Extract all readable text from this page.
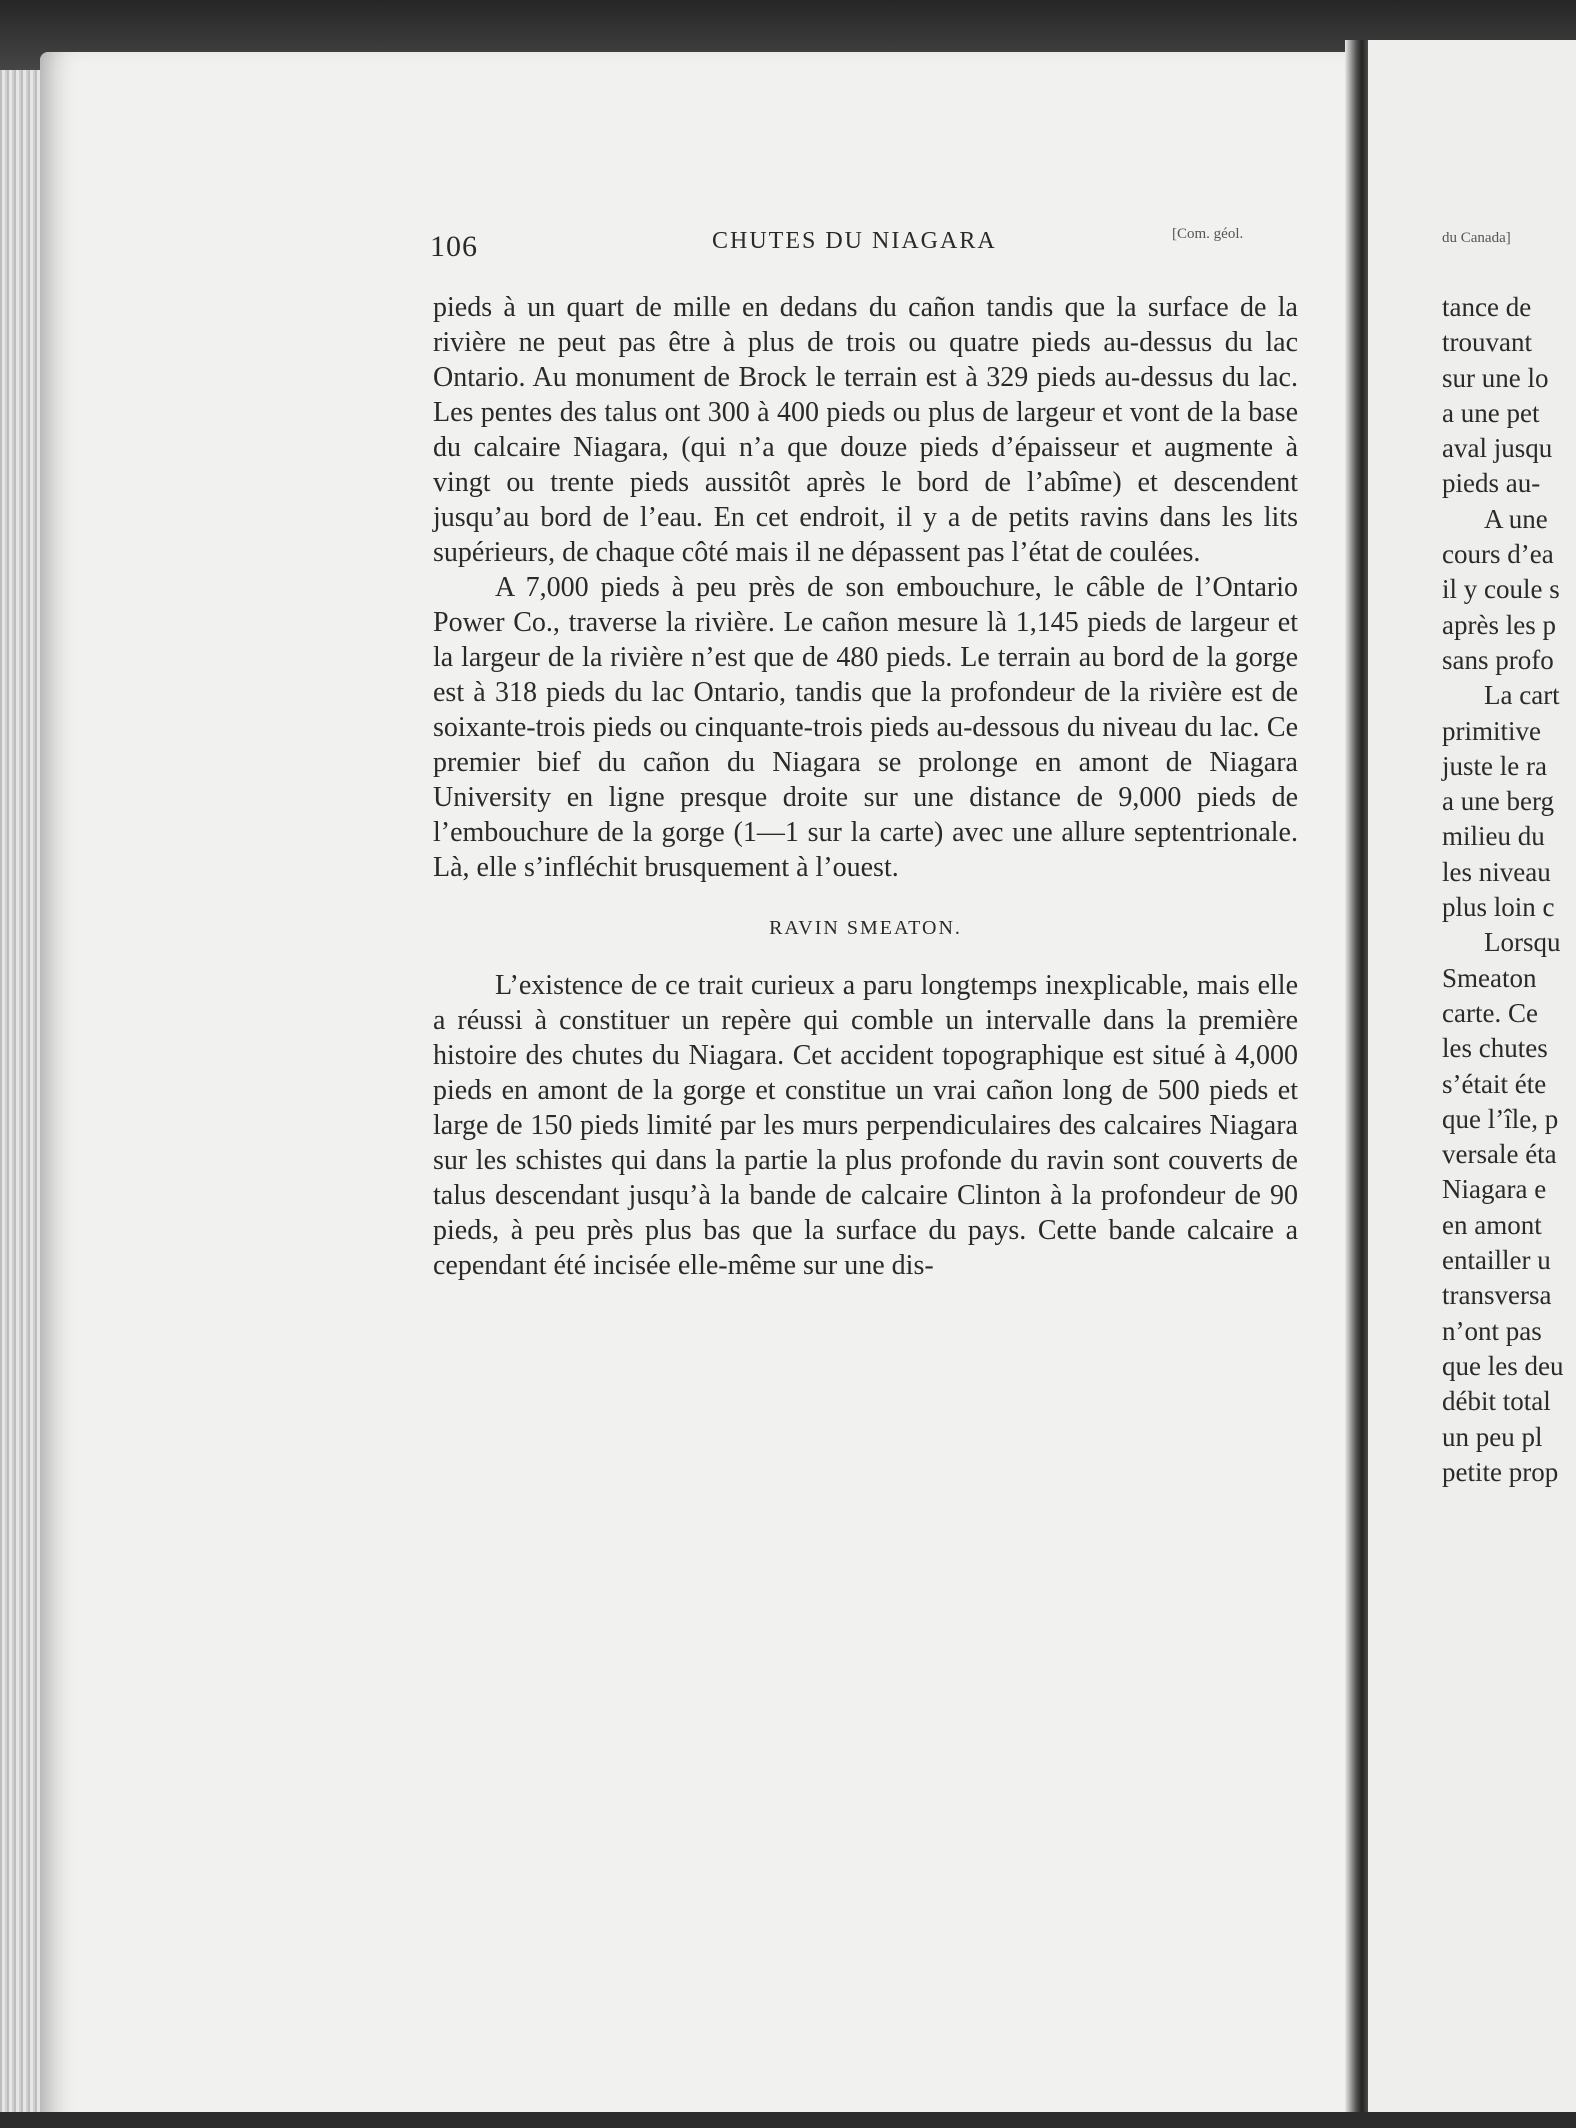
106	CHUTES DU NIAGARA	[Com. géol.

pieds à un quart de mille en dedans du cañon tandis que la surface de la rivière ne peut pas être à plus de trois ou quatre pieds au-dessus du lac Ontario. Au monument de Brock le terrain est à 329 pieds au-dessus du lac. Les pentes des talus ont 300 à 400 pieds ou plus de largeur et vont de la base du calcaire Niagara, (qui n’a que douze pieds d’épaisseur et augmente à vingt ou trente pieds aussitôt après le bord de l’abîme) et descendent jusqu’au bord de l’eau. En cet endroit, il y a de petits ravins dans les lits supérieurs, de chaque côté mais il ne dépassent pas l’état de coulées.

A 7,000 pieds à peu près de son embouchure, le câble de l’Ontario Power Co., traverse la rivière. Le cañon mesure là 1,145 pieds de largeur et la largeur de la rivière n’est que de 480 pieds. Le terrain au bord de la gorge est à 318 pieds du lac Ontario, tandis que la profondeur de la rivière est de soixante-trois pieds ou cinquante-trois pieds au-dessous du niveau du lac. Ce premier bief du cañon du Niagara se prolonge en amont de Niagara University en ligne presque droite sur une distance de 9,000 pieds de l’embouchure de la gorge (1—1 sur la carte) avec une allure septentrionale. Là, elle s’infléchit brusquement à l’ouest.

RAVIN SMEATON.

L’existence de ce trait curieux a paru longtemps inexplicable, mais elle a réussi à constituer un repère qui comble un intervalle dans la première histoire des chutes du Niagara. Cet accident topographique est situé à 4,000 pieds en amont de la gorge et constitue un vrai cañon long de 500 pieds et large de 150 pieds limité par les murs perpendiculaires des calcaires Niagara sur les schistes qui dans la partie la plus profonde du ravin sont couverts de talus descendant jusqu’à la bande de calcaire Clinton à la profondeur de 90 pieds, à peu près plus bas que la surface du pays. Cette bande calcaire a cependant été incisée elle-même sur une dis-

du Canada]
tance de
trouvant
sur une lo
a une pet
aval jusqu
pieds au-
A une
cours d’ea
il y coule s
après les p
sans profo
La cart
primitive
juste le ra
a une berg
milieu du
les niveau
plus loin c
Lorsqu
Smeaton
carte. Ce
les chutes
s’était éte
que l’île, p
versale éta
Niagara e
en amont
entailler u
transversa
n’ont pas
que les deu
débit total
un peu pl
petite prop
